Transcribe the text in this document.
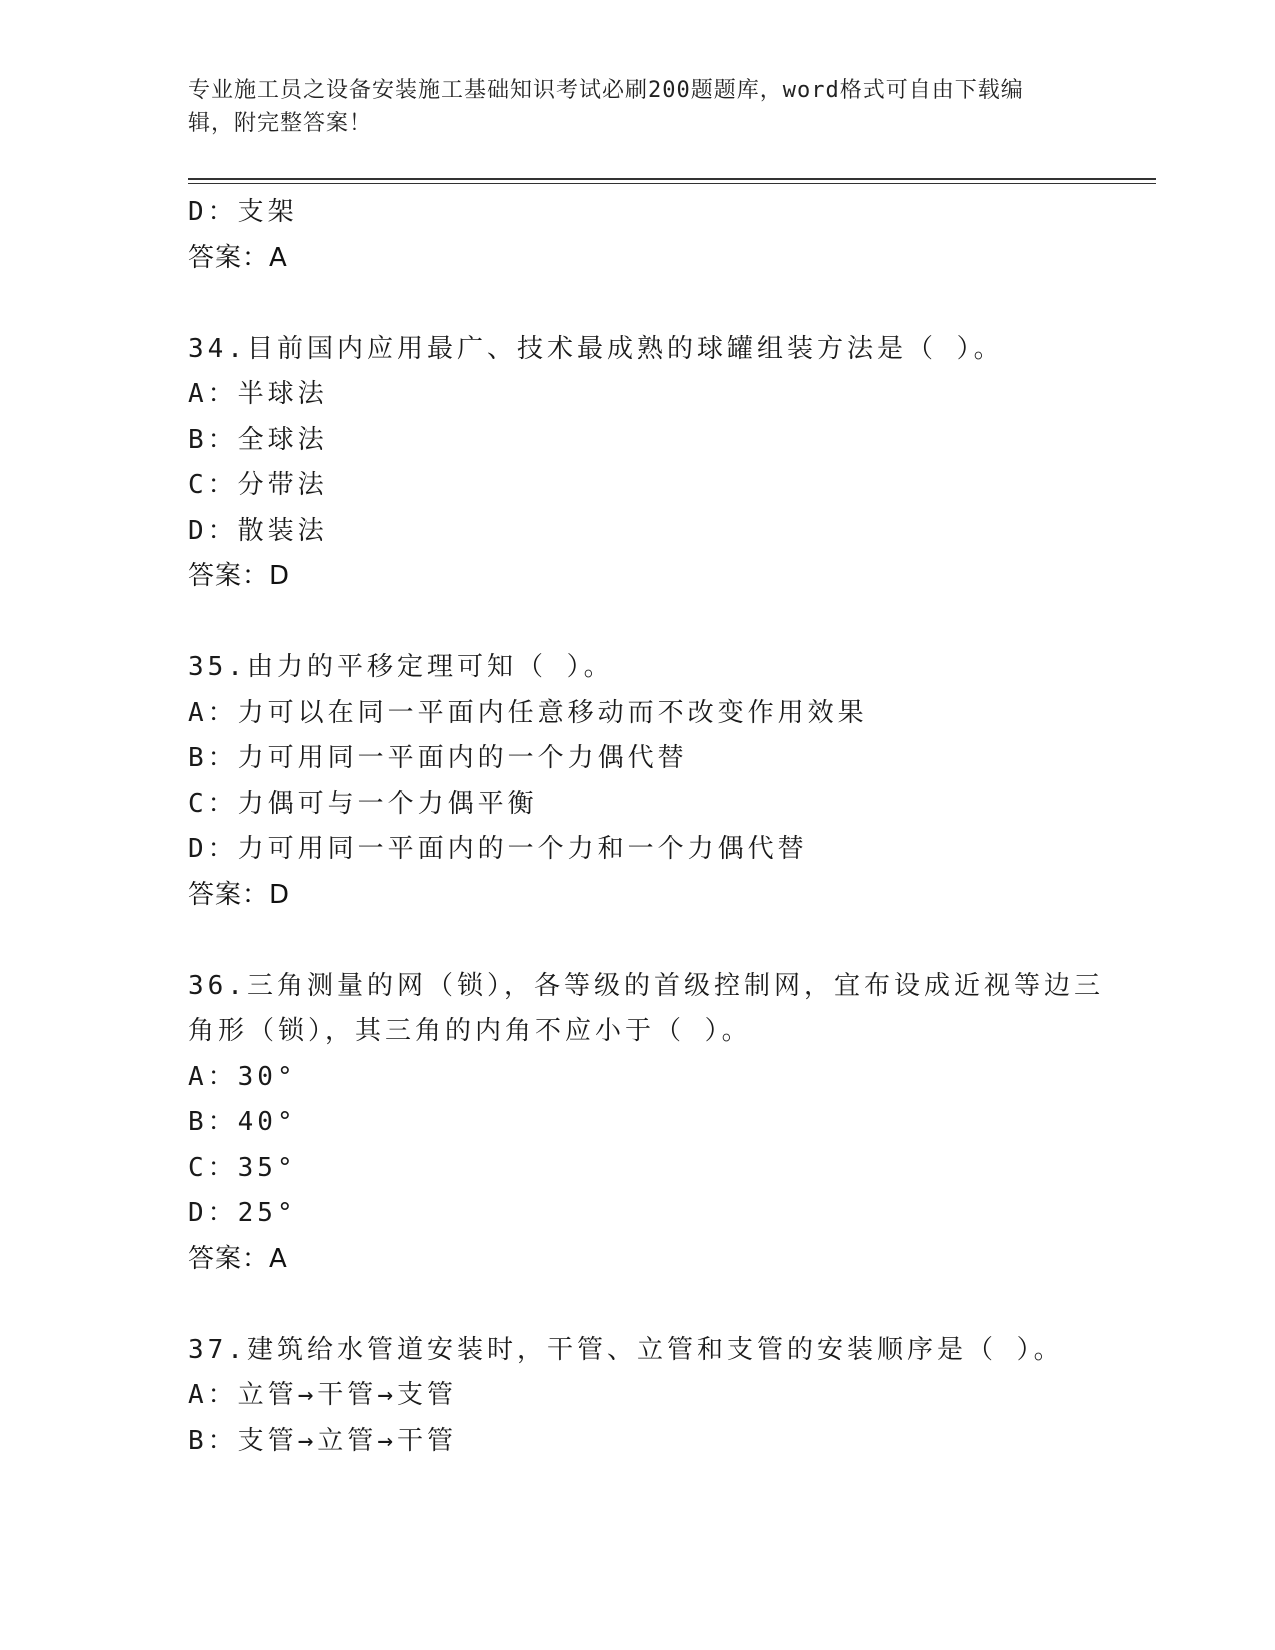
专业施工员之设备安装施工基础知识考试必刷200题题库，word格式可自由下载编辑，附完整答案！
D：支架
答案：A
34.目前国内应用最广、技术最成熟的球罐组装方法是（ ）。
A：半球法
B：全球法
C：分带法
D：散装法
答案：D
35.由力的平移定理可知（ ）。
A：力可以在同一平面内任意移动而不改变作用效果
B：力可用同一平面内的一个力偶代替
C：力偶可与一个力偶平衡
D：力可用同一平面内的一个力和一个力偶代替
答案：D
36.三角测量的网（锁），各等级的首级控制网，宜布设成近视等边三
角形（锁），其三角的内角不应小于（ ）。
A：30°
B：40°
C：35°
D：25°
答案：A
37.建筑给水管道安装时，干管、立管和支管的安装顺序是（ ）。
A：立管→干管→支管
B：支管→立管→干管
